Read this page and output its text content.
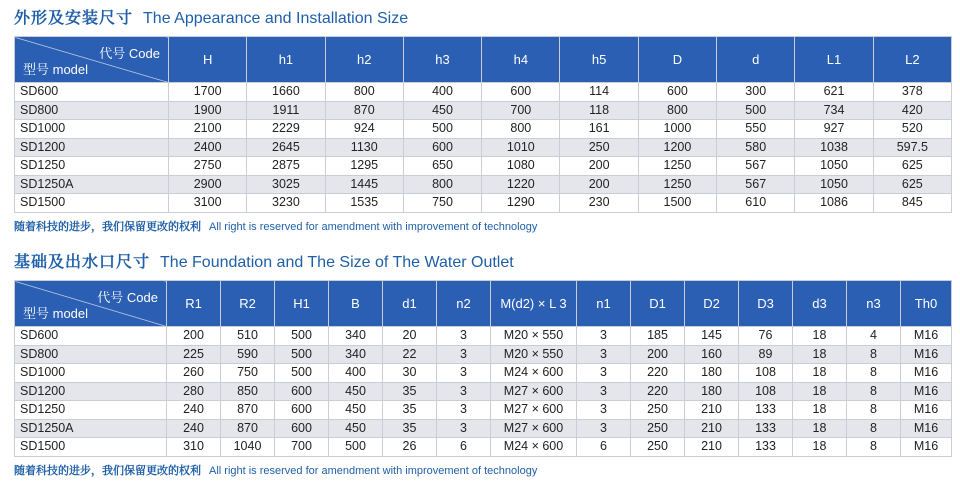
外形及安装尺寸 The Appearance and Installation Size
代号 Code
型号 model	H	h1	h2	h3	h4	h5	D	d	L1	L2
SD600	1700	1660	800	400	600	114	600	300	621	378
SD800	1900	1911	870	450	700	118	800	500	734	420
SD1000	2100	2229	924	500	800	161	1000	550	927	520
SD1200	2400	2645	1130	600	1010	250	1200	580	1038	597.5
SD1250	2750	2875	1295	650	1080	200	1250	567	1050	625
SD1250A	2900	3025	1445	800	1220	200	1250	567	1050	625
SD1500	3100	3230	1535	750	1290	230	1500	610	1086	845
随着科技的进步，我们保留更改的权利 All right is reserved for amendment with improvement of technology
基础及出水口尺寸 The Foundation and The Size of The Water Outlet
代号 Code
型号 model	R1	R2	H1	B	d1	n2	M(d2) × L 3	n1	D1	D2	D3	d3	n3	Th0
SD600	200	510	500	340	20	3	M20 × 550	3	185	145	76	18	4	M16
SD800	225	590	500	340	22	3	M20 × 550	3	200	160	89	18	8	M16
SD1000	260	750	500	400	30	3	M24 × 600	3	220	180	108	18	8	M16
SD1200	280	850	600	450	35	3	M27 × 600	3	220	180	108	18	8	M16
SD1250	240	870	600	450	35	3	M27 × 600	3	250	210	133	18	8	M16
SD1250A	240	870	600	450	35	3	M27 × 600	3	250	210	133	18	8	M16
SD1500	310	1040	700	500	26	6	M24 × 600	6	250	210	133	18	8	M16
随着科技的进步，我们保留更改的权利 All right is reserved for amendment with improvement of technology
